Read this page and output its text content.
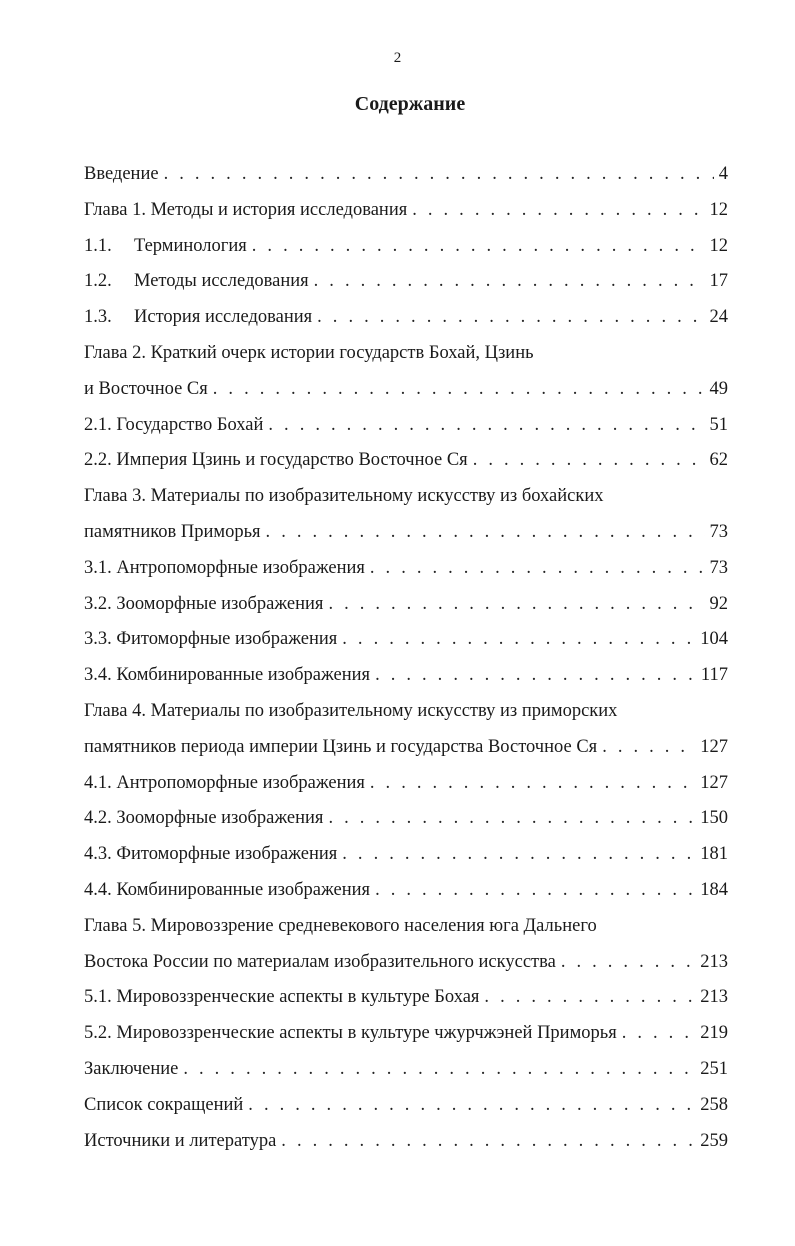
2
Содержание
Введение . . .	4
Глава 1. Методы и история исследования . . .	12
1.1.	Терминология . . .	12
1.2.	Методы исследования . . .	17
1.3.	История исследования . . .	24
Глава 2. Краткий очерк истории государств Бохай, Цзинь
и Восточное Ся . . .	49
2.1. Государство Бохай . . .	51
2.2. Империя Цзинь и государство Восточное Ся . . .	62
Глава 3. Материалы по изобразительному искусству из бохайских
памятников Приморья . . .	73
3.1. Антропоморфные изображения . . .	73
3.2. Зооморфные изображения . . .	92
3.3. Фитоморфные изображения . . .	104
3.4. Комбинированные изображения . . .	117
Глава 4. Материалы по изобразительному искусству из приморских
памятников периода империи Цзинь и государства Восточное Ся . . .	127
4.1. Антропоморфные изображения . . .	127
4.2. Зооморфные изображения . . .	150
4.3. Фитоморфные изображения . . .	181
4.4. Комбинированные изображения . . .	184
Глава 5. Мировоззрение средневекового населения юга Дальнего
Востока России по материалам изобразительного искусства . . .	213
5.1. Мировоззренческие аспекты в культуре Бохая . . .	213
5.2. Мировоззренческие аспекты в культуре чжурчжэней Приморья . . .	219
Заключение . . .	251
Список сокращений . . .	258
Источники и литература . . .	259
